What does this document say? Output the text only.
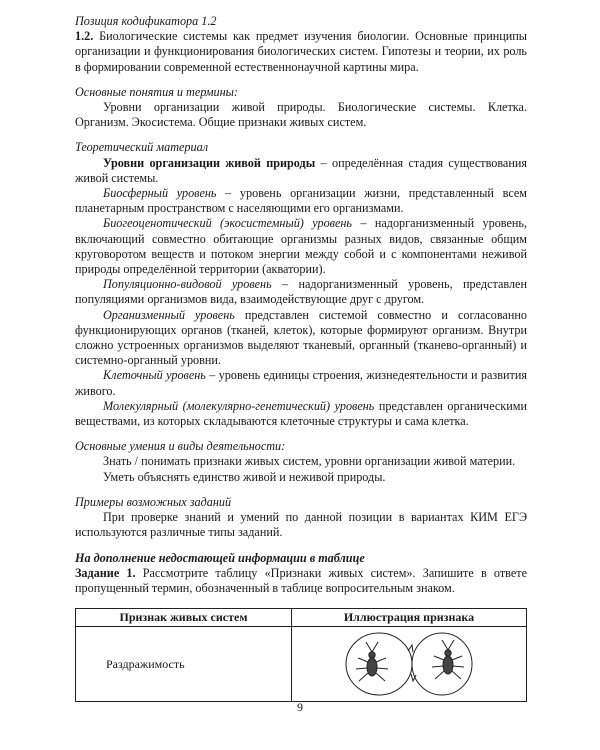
Позиция кодификатора 1.2

1.2. Биологические системы как предмет изучения биологии. Основные принципы организации и функционирования биологических систем. Гипотезы и теории, их роль в формировании современной естественнонаучной картины мира.

Основные понятия и термины:

Уровни организации живой природы. Биологические системы. Клетка. Организм. Экосистема. Общие признаки живых систем.

Теоретический материал

Уровни организации живой природы – определённая стадия существования живой системы.

Биосферный уровень – уровень организации жизни, представленный всем планетарным пространством с населяющими его организмами.

Биогеоценотический (экосистемный) уровень – надорганизменный уровень, включающий совместно обитающие организмы разных видов, связанные общим круговоротом веществ и потоком энергии между собой и с компонентами неживой природы определённой территории (акватории).

Популяционно-видовой уровень – надорганизменный уровень, представлен популяциями организмов вида, взаимодействующие друг с другом.

Организменный уровень представлен системой совместно и согласованно функционирующих органов (тканей, клеток), которые формируют организм. Внутри сложно устроенных организмов выделяют тканевый, органный (тканево-органный) и системно-органный уровни.

Клеточный уровень – уровень единицы строения, жизнедеятельности и развития живого.

Молекулярный (молекулярно-генетический) уровень представлен органическими веществами, из которых складываются клеточные структуры и сама клетка.

Основные умения и виды деятельности:

Знать / понимать признаки живых систем, уровни организации живой материи.

Уметь объяснять единство живой и неживой природы.

Примеры возможных заданий

При проверке знаний и умений по данной позиции в вариантах КИМ ЕГЭ используются различные типы заданий.

На дополнение недостающей информации в таблице

Задание 1. Рассмотрите таблицу «Признаки живых систем». Запишите в ответе пропущенный термин, обозначенный в таблице вопросительным знаком.

Признак живых систем	Иллюстрация признака
Раздражимость	
9
